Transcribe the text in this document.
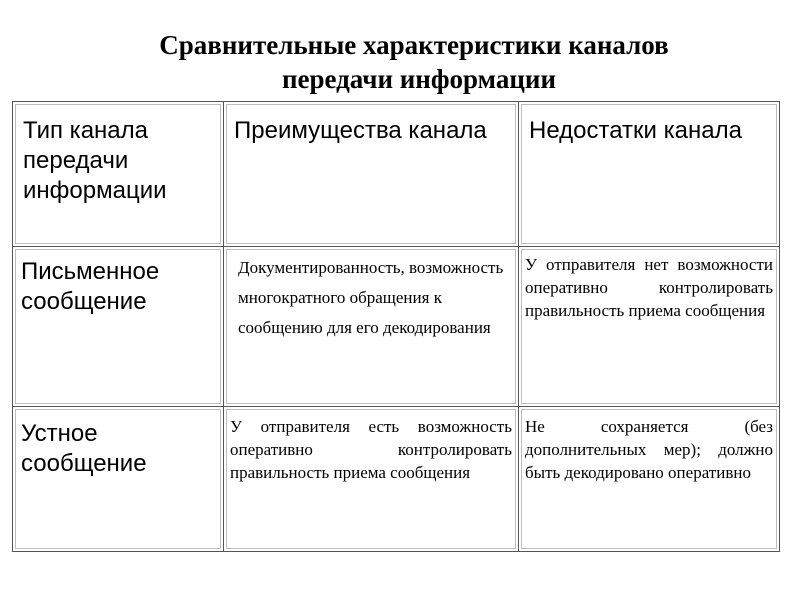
Сравнительные характеристики каналов
передачи информации
Тип канала передачи информации	Преимущества канала	Недостатки канала

Письменное сообщение	Документированность, возможность многократного обращения к сообщению для его декодирования	У отправителя нет возможности оперативно контролировать правильность приема сообщения

Устное сообщение	У отправителя есть возможность оперативно контролировать правильность приема сообщения	Не сохраняется (без дополнительных мер); должно быть декодировано оперативно
